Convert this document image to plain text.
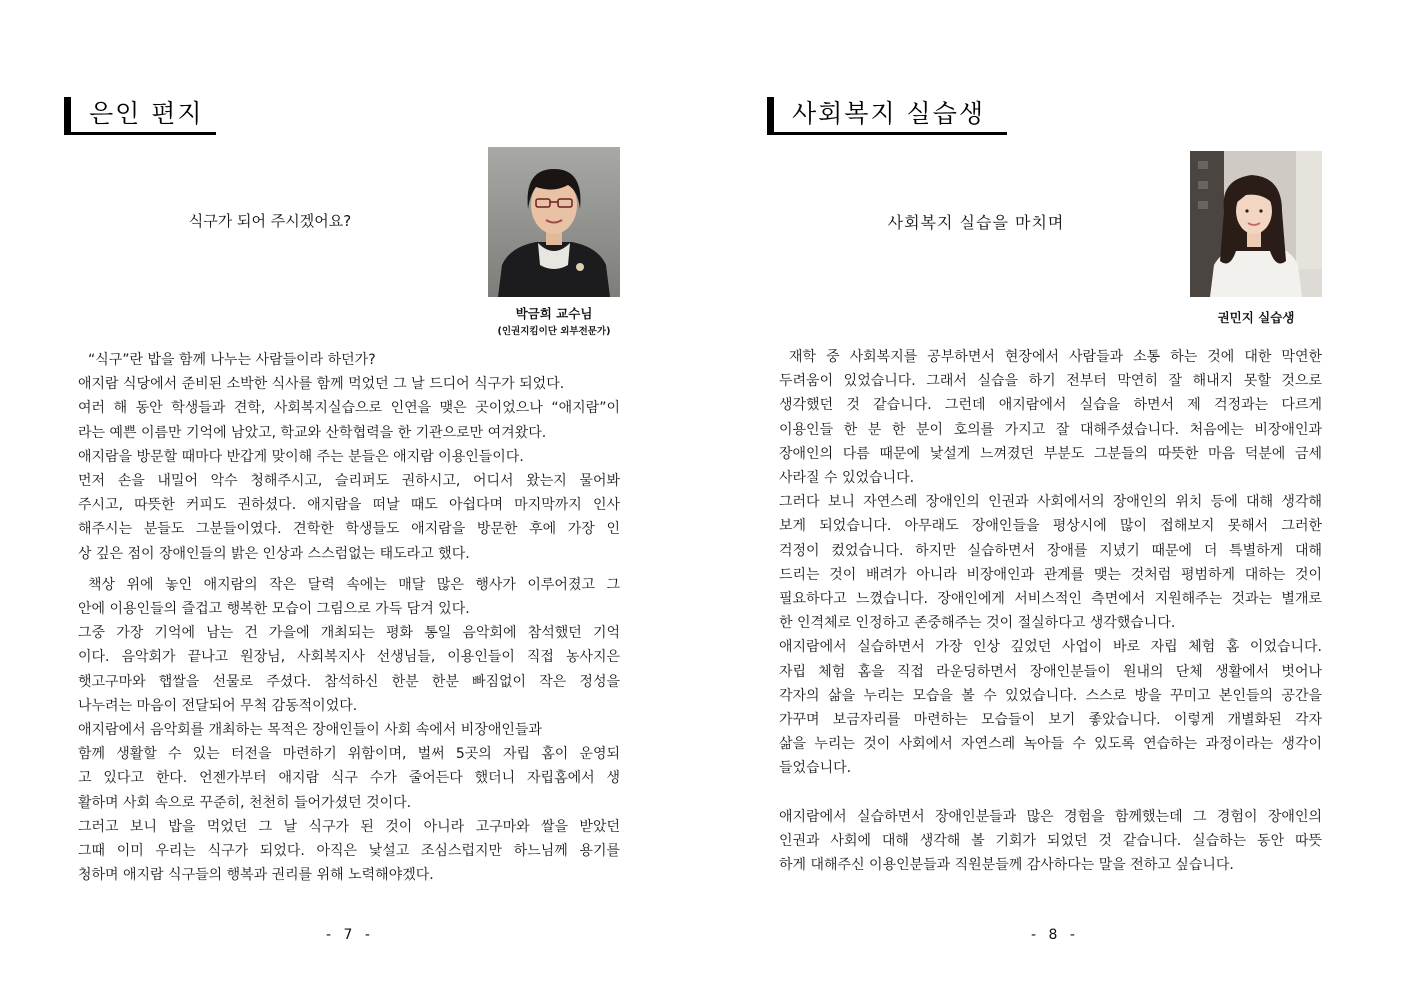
은인 편지
식구가 되어 주시겠어요?
박금희 교수님
(인권지킴이단 외부전문가)

“식구”란 밥을 함께 나누는 사람들이라 하던가?

애지람 식당에서 준비된 소박한 식사를 함께 먹었던 그 날 드디어 식구가 되었다.

여러 해 동안 학생들과 견학, 사회복지실습으로 인연을 맺은 곳이었으나 “애지람”이

라는 예쁜 이름만 기억에 남았고, 학교와 산학협력을 한 기관으로만 여겨왔다.

애지람을 방문할 때마다 반갑게 맞이해 주는 분들은 애지람 이용인들이다.

먼저 손을 내밀어 악수 청해주시고, 슬리퍼도 권하시고, 어디서 왔는지 물어봐

주시고, 따뜻한 커피도 권하셨다. 애지람을 떠날 때도 아쉽다며 마지막까지 인사

해주시는 분들도 그분들이였다. 견학한 학생들도 애지람을 방문한 후에 가장 인

상 깊은 점이 장애인들의 밝은 인상과 스스럼없는 태도라고 했다.

책상 위에 놓인 애지람의 작은 달력 속에는 매달 많은 행사가 이루어졌고 그

안에 이용인들의 즐겁고 행복한 모습이 그림으로 가득 담겨 있다.

그중 가장 기억에 남는 건 가을에 개최되는 평화 통일 음악회에 참석했던 기억

이다. 음악회가 끝나고 원장님, 사회복지사 선생님들, 이용인들이 직접 농사지은

햇고구마와 햅쌀을 선물로 주셨다. 참석하신 한분 한분 빠짐없이 작은 정성을

나누려는 마음이 전달되어 무척 감동적이었다.

애지람에서 음악회를 개최하는 목적은 장애인들이 사회 속에서 비장애인들과

함께 생활할 수 있는 터전을 마련하기 위함이며, 벌써 5곳의 자립 홈이 운영되

고 있다고 한다. 언젠가부터 애지람 식구 수가 줄어든다 했더니 자립홈에서 생

활하며 사회 속으로 꾸준히, 천천히 들어가셨던 것이다.

그러고 보니 밥을 먹었던 그 날 식구가 된 것이 아니라 고구마와 쌀을 받았던

그때 이미 우리는 식구가 되었다. 아직은 낯설고 조심스럽지만 하느님께 용기를

청하며 애지람 식구들의 행복과 권리를 위해 노력해야겠다.

- 7 -
사회복지 실습생
사회복지 실습을 마치며
권민지 실습생

재학 중 사회복지를 공부하면서 현장에서 사람들과 소통 하는 것에 대한 막연한

두려움이 있었습니다. 그래서 실습을 하기 전부터 막연히 잘 해내지 못할 것으로

생각했던 것 같습니다. 그런데 애지람에서 실습을 하면서 제 걱정과는 다르게

이용인들 한 분 한 분이 호의를 가지고 잘 대해주셨습니다. 처음에는 비장애인과

장애인의 다름 때문에 낯설게 느껴졌던 부분도 그분들의 따뜻한 마음 덕분에 금세

사라질 수 있었습니다.

그러다 보니 자연스레 장애인의 인권과 사회에서의 장애인의 위치 등에 대해 생각해

보게 되었습니다. 아무래도 장애인들을 평상시에 많이 접해보지 못해서 그러한

걱정이 컸었습니다. 하지만 실습하면서 장애를 지녔기 때문에 더 특별하게 대해

드리는 것이 배려가 아니라 비장애인과 관계를 맺는 것처럼 평범하게 대하는 것이

필요하다고 느꼈습니다. 장애인에게 서비스적인 측면에서 지원해주는 것과는 별개로

한 인격체로 인정하고 존중해주는 것이 절실하다고 생각했습니다.

애지람에서 실습하면서 가장 인상 깊었던 사업이 바로 자립 체험 홈 이었습니다.

자립 체험 홈을 직접 라운딩하면서 장애인분들이 원내의 단체 생활에서 벗어나

각자의 삶을 누리는 모습을 볼 수 있었습니다. 스스로 방을 꾸미고 본인들의 공간을

가꾸며 보금자리를 마련하는 모습들이 보기 좋았습니다. 이렇게 개별화된 각자

삶을 누리는 것이 사회에서 자연스레 녹아들 수 있도록 연습하는 과정이라는 생각이

들었습니다.

애지람에서 실습하면서 장애인분들과 많은 경험을 함께했는데 그 경험이 장애인의

인권과 사회에 대해 생각해 볼 기회가 되었던 것 같습니다. 실습하는 동안 따뜻

하게 대해주신 이용인분들과 직원분들께 감사하다는 말을 전하고 싶습니다.

- 8 -
